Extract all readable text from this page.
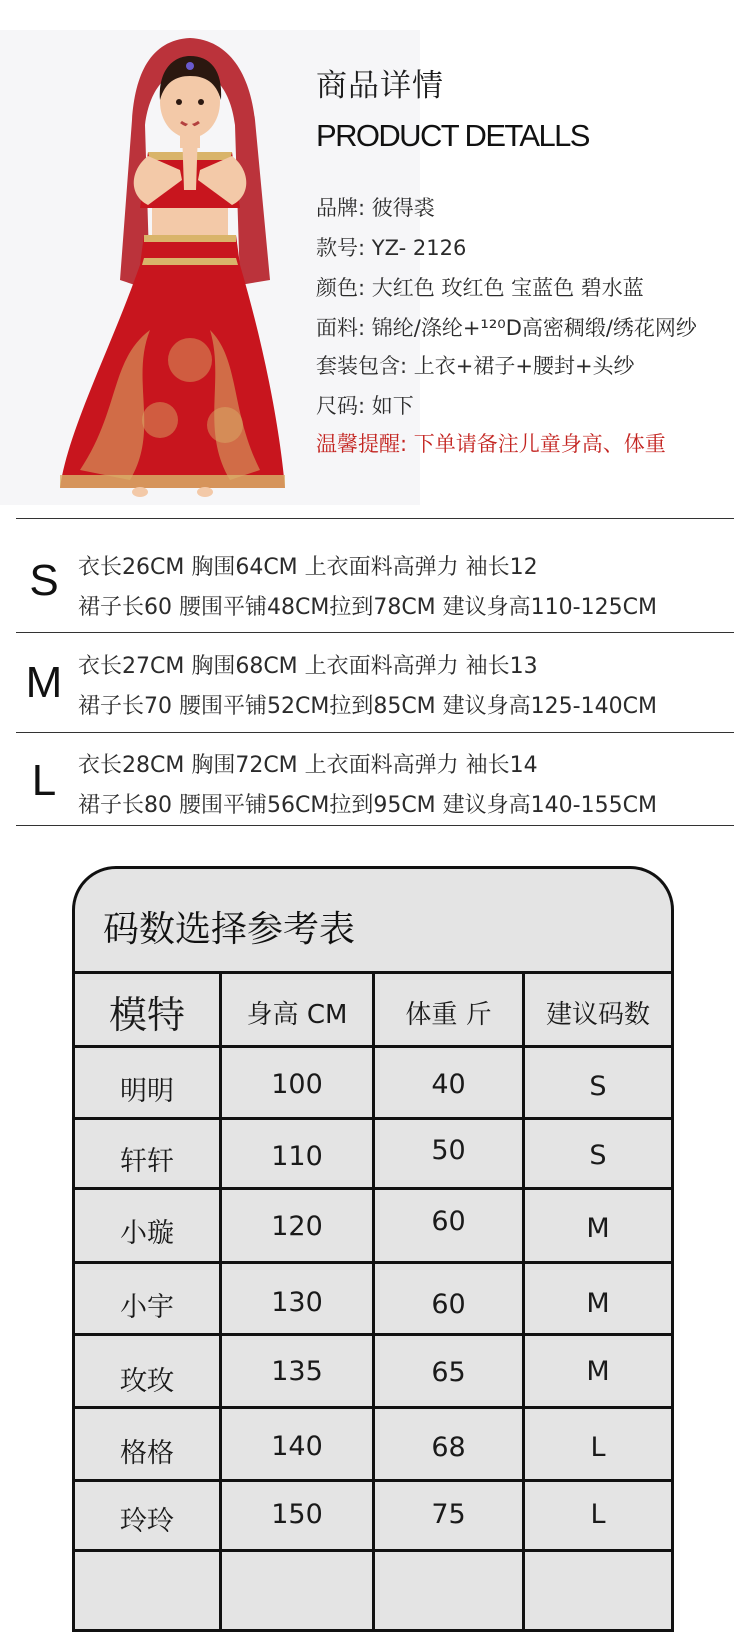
商品详情
PRODUCT DETALLS
品牌: 彼得裘
款号: YZ- 2126
颜色: 大红色 玫红色 宝蓝色 碧水蓝
面料: 锦纶/涤纶+¹²⁰D高密稠缎/绣花网纱
套装包含: 上衣+裙子+腰封+头纱
尺码: 如下
温馨提醒: 下单请备注儿童身高、体重
S 衣长26CM 胸围64CM 上衣面料高弹力 袖长12
裙子长60 腰围平铺48CM拉到78CM 建议身高110-125CM
M 衣长27CM 胸围68CM 上衣面料高弹力 袖长13
裙子长70 腰围平铺52CM拉到85CM 建议身高125-140CM
L 衣长28CM 胸围72CM 上衣面料高弹力 袖长14
裙子长80 腰围平铺56CM拉到95CM 建议身高140-155CM
码数选择参考表
模特	身高 CM	体重 斤	建议码数
明明	100	40	S
轩轩	110	50	S
小璇	120	60	M
小宇	130	60	M
玫玫	135	65	M
格格	140	68	L
玲玲	150	75	L
